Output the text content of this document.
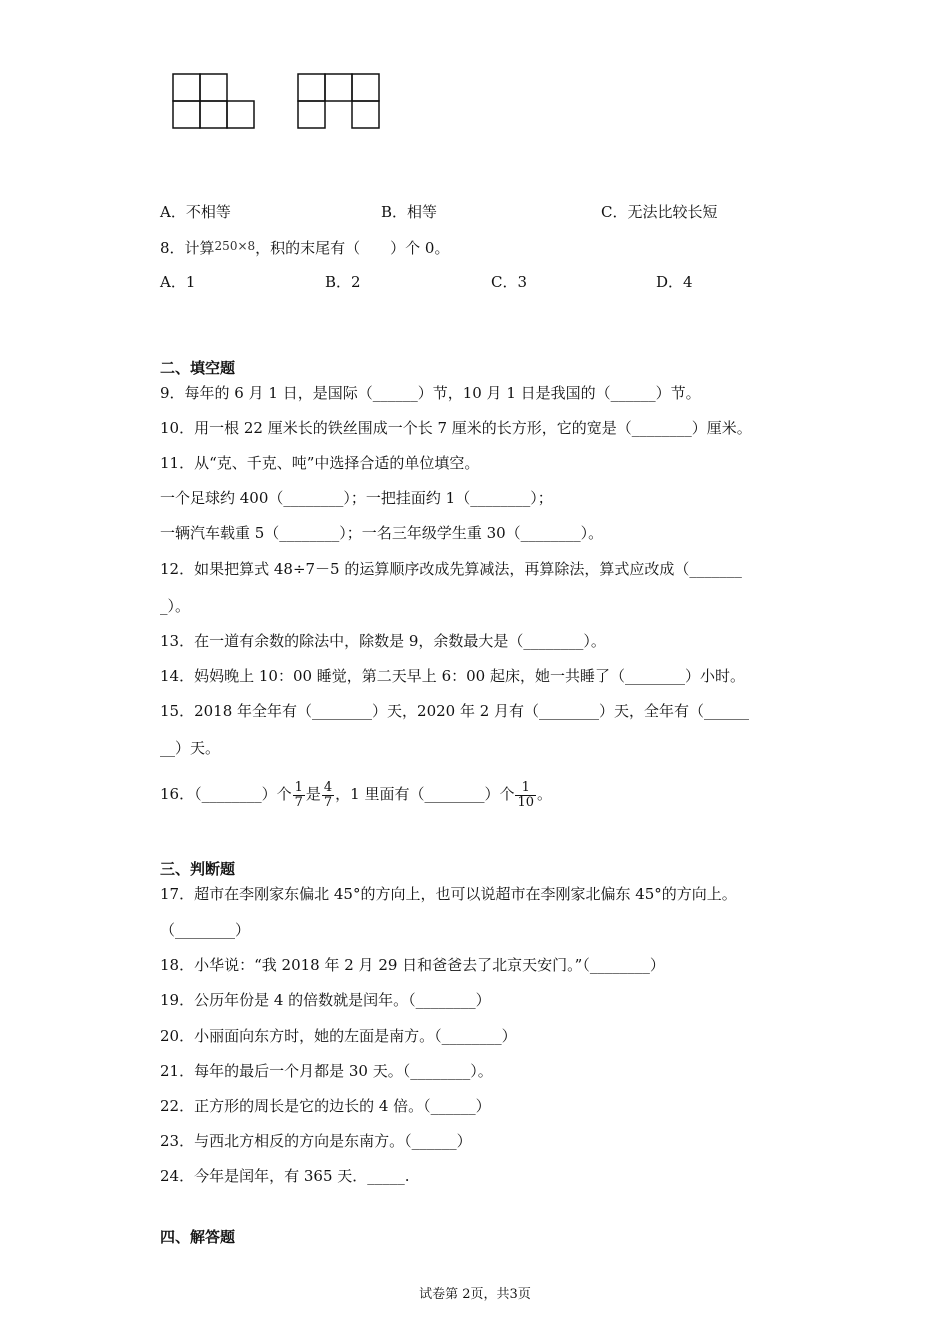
A．不相等	B．相等	C．无法比较长短
8．计算$^{250\times 8}$，积的末尾有（　　）个 0。
A．1	B．2	C．3	D．4
二、填空题
9．每年的 6 月 1 日，是国际（______）节，10 月 1 日是我国的（______）节。
10．用一根 22 厘米长的铁丝围成一个长 7 厘米的长方形，它的宽是（________）厘米。
11．从“克、千克、吨”中选择合适的单位填空。
一个足球约 400（________）；一把挂面约 1（________）；
一辆汽车载重 5（________）；一名三年级学生重 30（________）。
12．如果把算式 48÷7－5 的运算顺序改成先算减法，再算除法，算式应改成（_______
_）。
13．在一道有余数的除法中，除数是 9，余数最大是（________）。
14．妈妈晚上 10：00 睡觉，第二天早上 6：00 起床，她一共睡了（________）小时。
15．2018 年全年有（________）天，2020 年 2 月有（________）天，全年有（______
__）天。
16．（________）个 $\frac{1}{7}$ 是 $\frac{4}{7}$ ，1 里面有（________）个 $\frac{1}{10}$ 。
三、判断题
17．超市在李刚家东偏北 45°的方向上，也可以说超市在李刚家北偏东 45°的方向上。
（________）
18．小华说：“我 2018 年 2 月 29 日和爸爸去了北京天安门。”（________）
19．公历年份是 4 的倍数就是闰年。（________）
20．小丽面向东方时，她的左面是南方。（________）
21．每年的最后一个月都是 30 天。（________）。
22．正方形的周长是它的边长的 4 倍。（______）
23．与西北方相反的方向是东南方。（______）
24．今年是闰年，有 365 天．_____.
四、解答题
试卷第 2页，共3页
